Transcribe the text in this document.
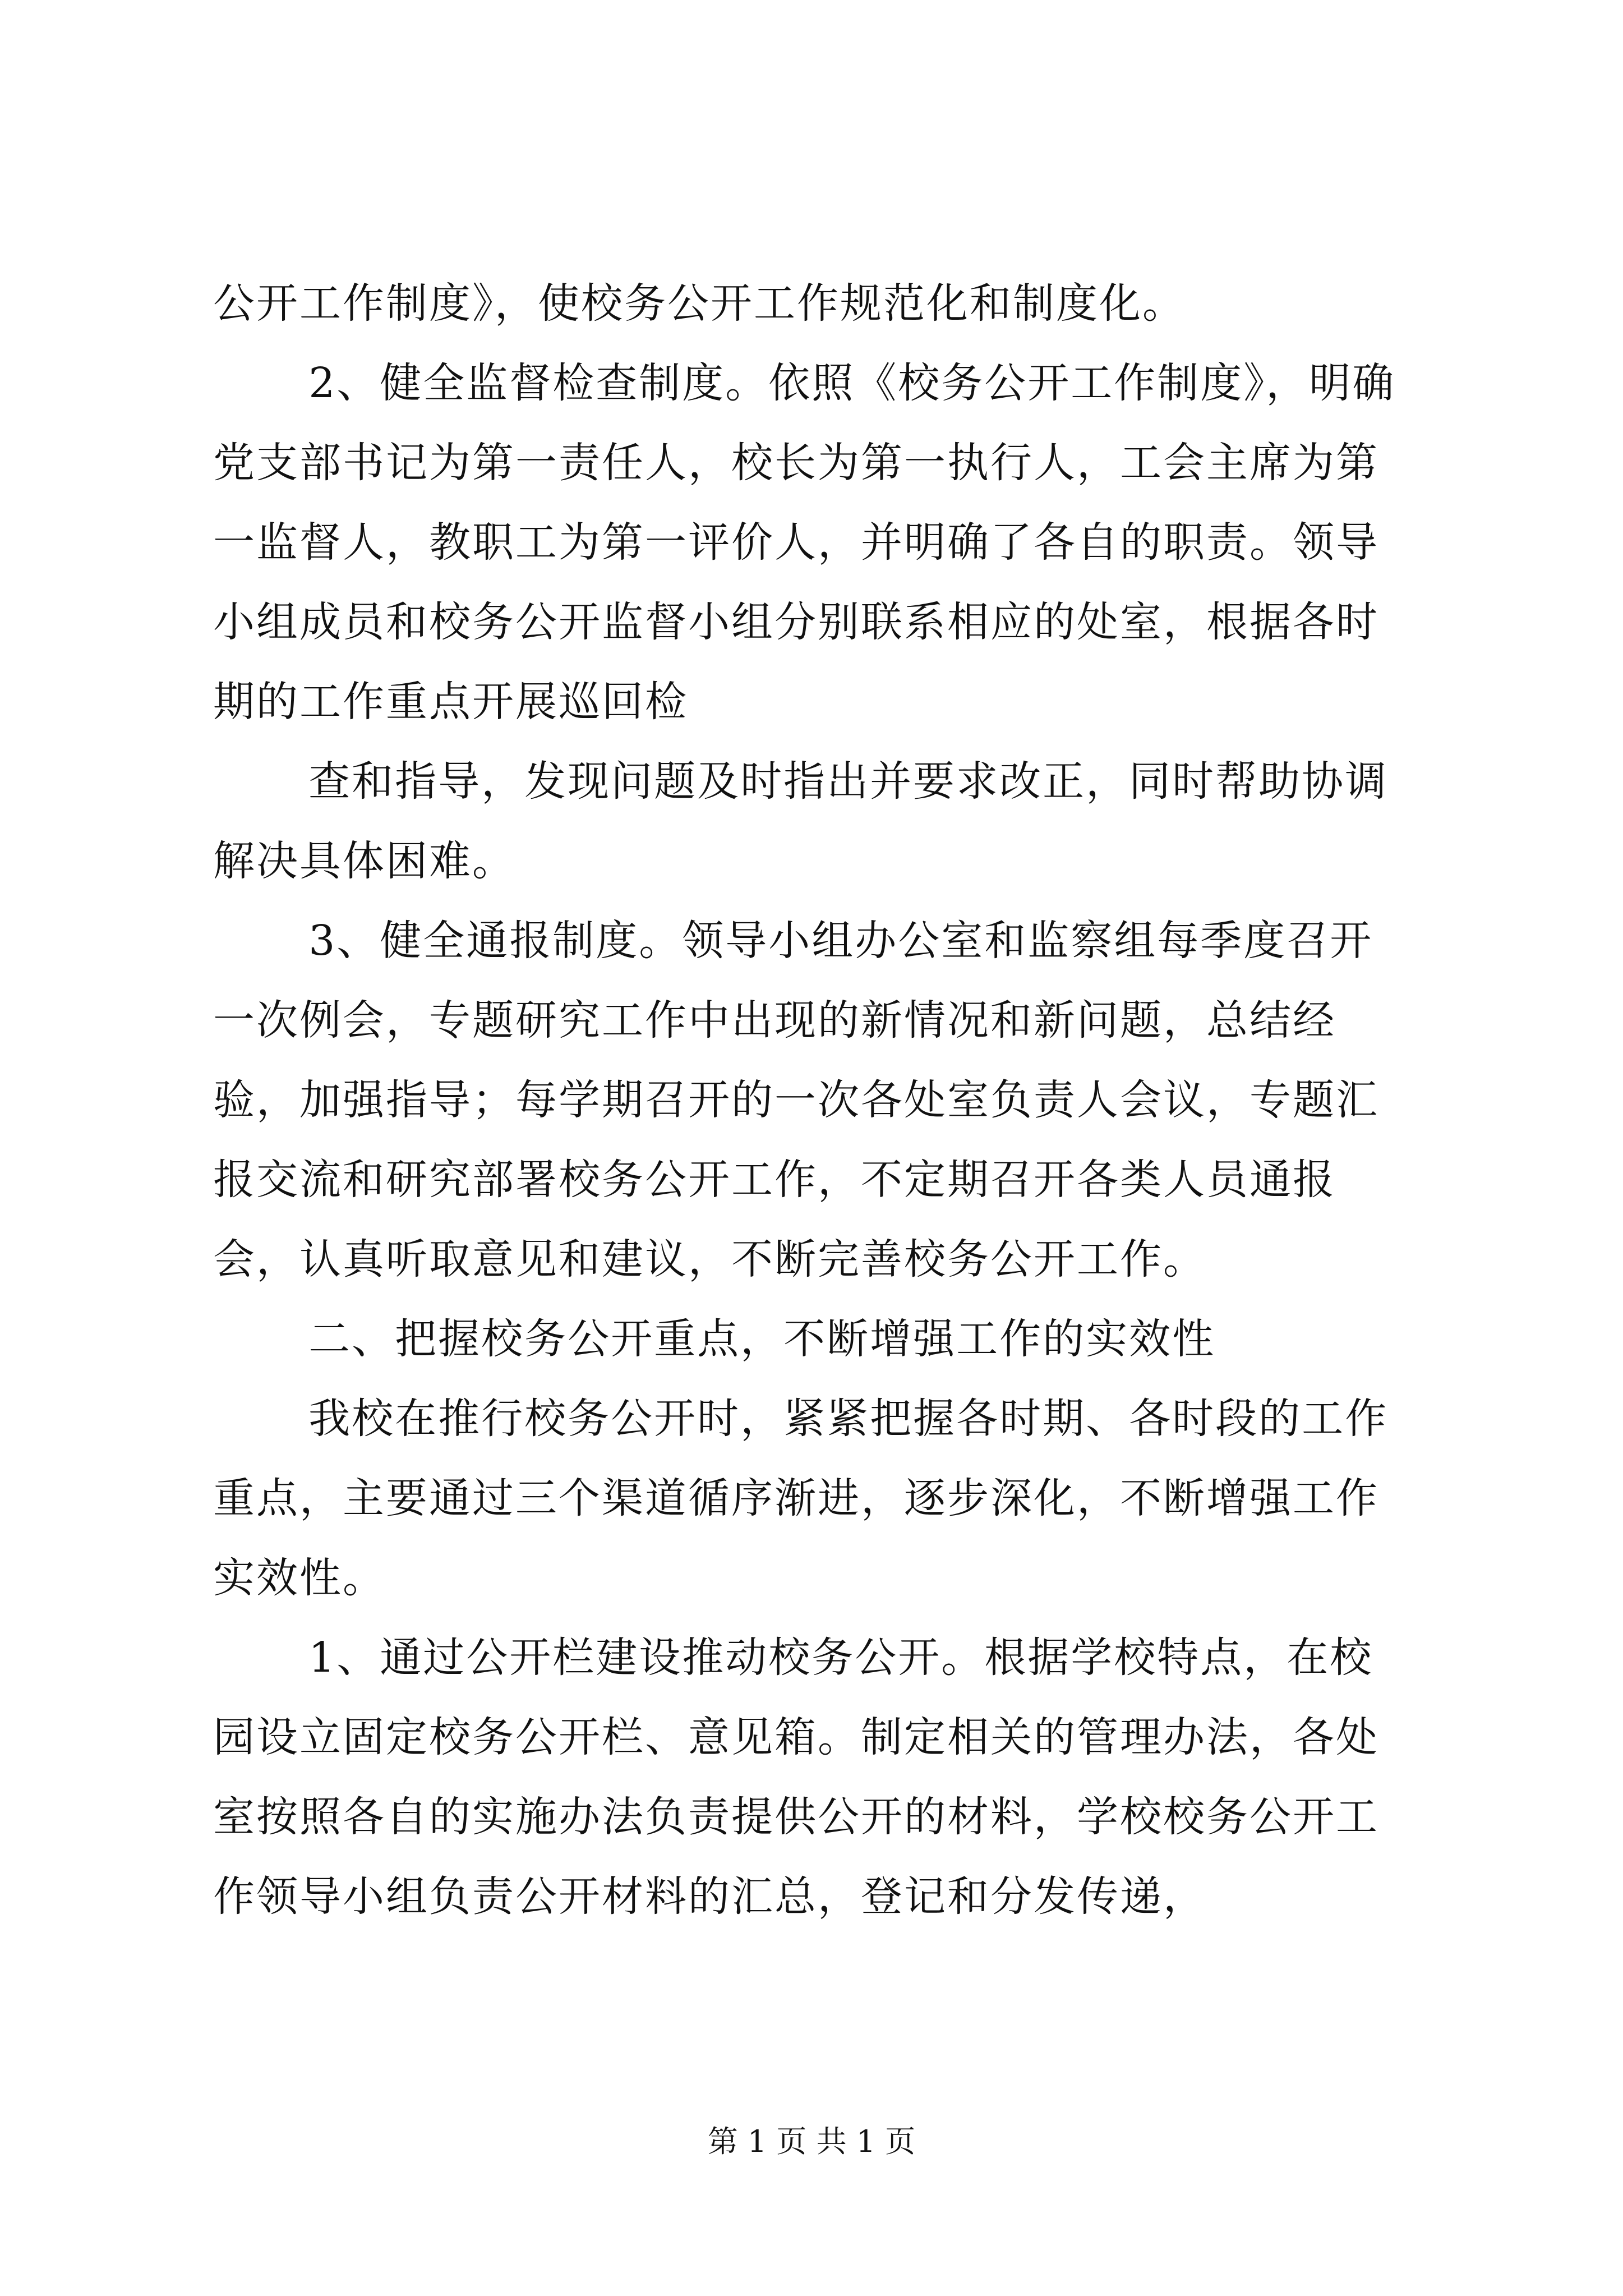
公开工作制度》，使校务公开工作规范化和制度化。

2、健全监督检查制度。依照《校务公开工作制度》，明确党支部书记为第一责任人，校长为第一执行人，工会主席为第一监督人，教职工为第一评价人，并明确了各自的职责。领导小组成员和校务公开监督小组分别联系相应的处室，根据各时期的工作重点开展巡回检

查和指导，发现问题及时指出并要求改正，同时帮助协调解决具体困难。

3、健全通报制度。领导小组办公室和监察组每季度召开一次例会，专题研究工作中出现的新情况和新问题，总结经验，加强指导；每学期召开的一次各处室负责人会议，专题汇报交流和研究部署校务公开工作，不定期召开各类人员通报会，认真听取意见和建议，不断完善校务公开工作。

二、把握校务公开重点，不断增强工作的实效性

我校在推行校务公开时，紧紧把握各时期、各时段的工作重点，主要通过三个渠道循序渐进，逐步深化，不断增强工作实效性。

1、通过公开栏建设推动校务公开。根据学校特点，在校园设立固定校务公开栏、意见箱。制定相关的管理办法，各处室按照各自的实施办法负责提供公开的材料，学校校务公开工作领导小组负责公开材料的汇总，登记和分发传递，

第 1 页 共 1 页
